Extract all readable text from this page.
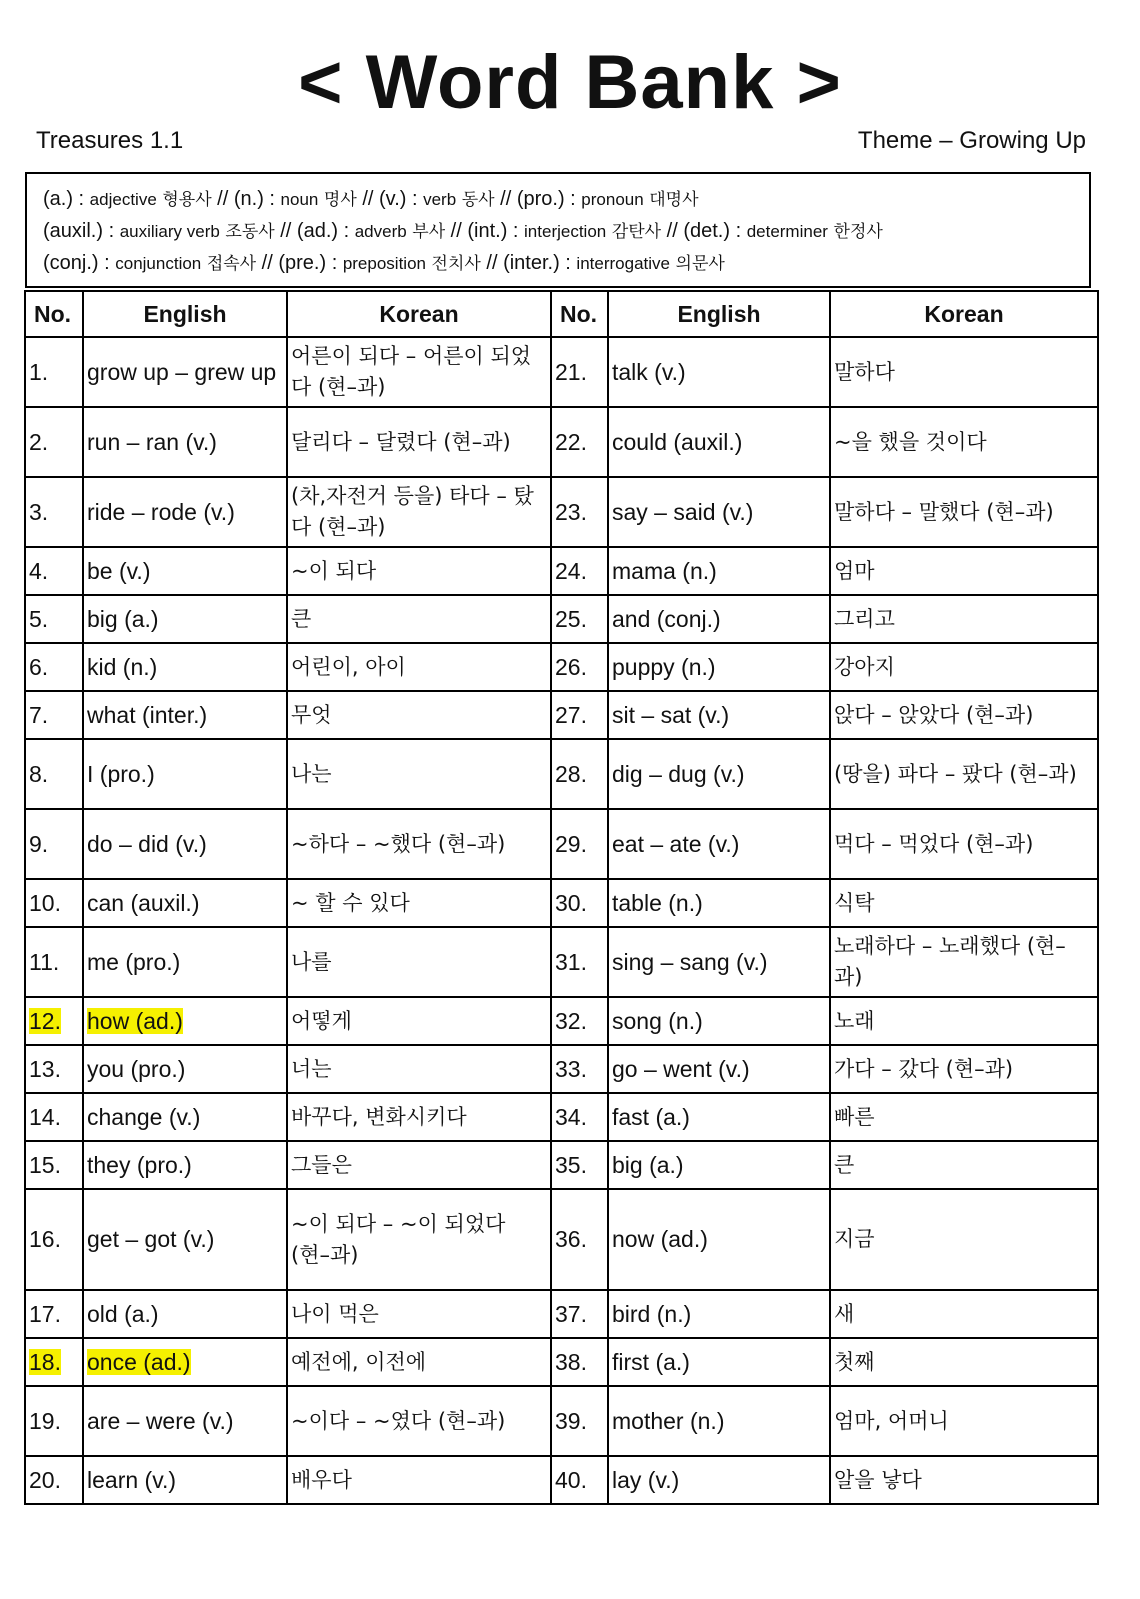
< Word Bank >
Treasures 1.1	Theme – Growing Up
(a.) : adjective 형용사 // (n.) : noun 명사 // (v.) : verb 동사 // (pro.) : pronoun 대명사
(auxil.) : auxiliary verb 조동사 // (ad.) : adverb 부사 // (int.) : interjection 감탄사 // (det.) : determiner 한정사
(conj.) : conjunction 접속사 // (pre.) : preposition 전치사 // (inter.) : interrogative 의문사
No.	English	Korean	No.	English	Korean
1.	grow up – grew up	어른이 되다 – 어른이 되었다 (현–과)	21.	talk (v.)	말하다
2.	run – ran (v.)	달리다 – 달렸다 (현–과)	22.	could (auxil.)	~을 했을 것이다
3.	ride – rode (v.)	(차,자전거 등을) 타다 – 탔다 (현–과)	23.	say – said (v.)	말하다 – 말했다 (현–과)
4.	be (v.)	~이 되다	24.	mama (n.)	엄마
5.	big (a.)	큰	25.	and (conj.)	그리고
6.	kid (n.)	어린이, 아이	26.	puppy (n.)	강아지
7.	what (inter.)	무엇	27.	sit – sat (v.)	앉다 – 앉았다 (현–과)
8.	I (pro.)	나는	28.	dig – dug (v.)	(땅을) 파다 – 팠다 (현–과)
9.	do – did (v.)	~하다 – ~했다 (현–과)	29.	eat – ate (v.)	먹다 – 먹었다 (현–과)
10.	can (auxil.)	~ 할 수 있다	30.	table (n.)	식탁
11.	me (pro.)	나를	31.	sing – sang (v.)	노래하다 – 노래했다 (현–과)
12.	how (ad.)	어떻게	32.	song (n.)	노래
13.	you (pro.)	너는	33.	go – went (v.)	가다 – 갔다 (현–과)
14.	change (v.)	바꾸다, 변화시키다	34.	fast (a.)	빠른
15.	they (pro.)	그들은	35.	big (a.)	큰
16.	get – got (v.)	~이 되다 – ~이 되었다 (현–과)	36.	now (ad.)	지금
17.	old (a.)	나이 먹은	37.	bird (n.)	새
18.	once (ad.)	예전에, 이전에	38.	first (a.)	첫째
19.	are – were (v.)	~이다 – ~였다 (현–과)	39.	mother (n.)	엄마, 어머니
20.	learn (v.)	배우다	40.	lay (v.)	알을 낳다
